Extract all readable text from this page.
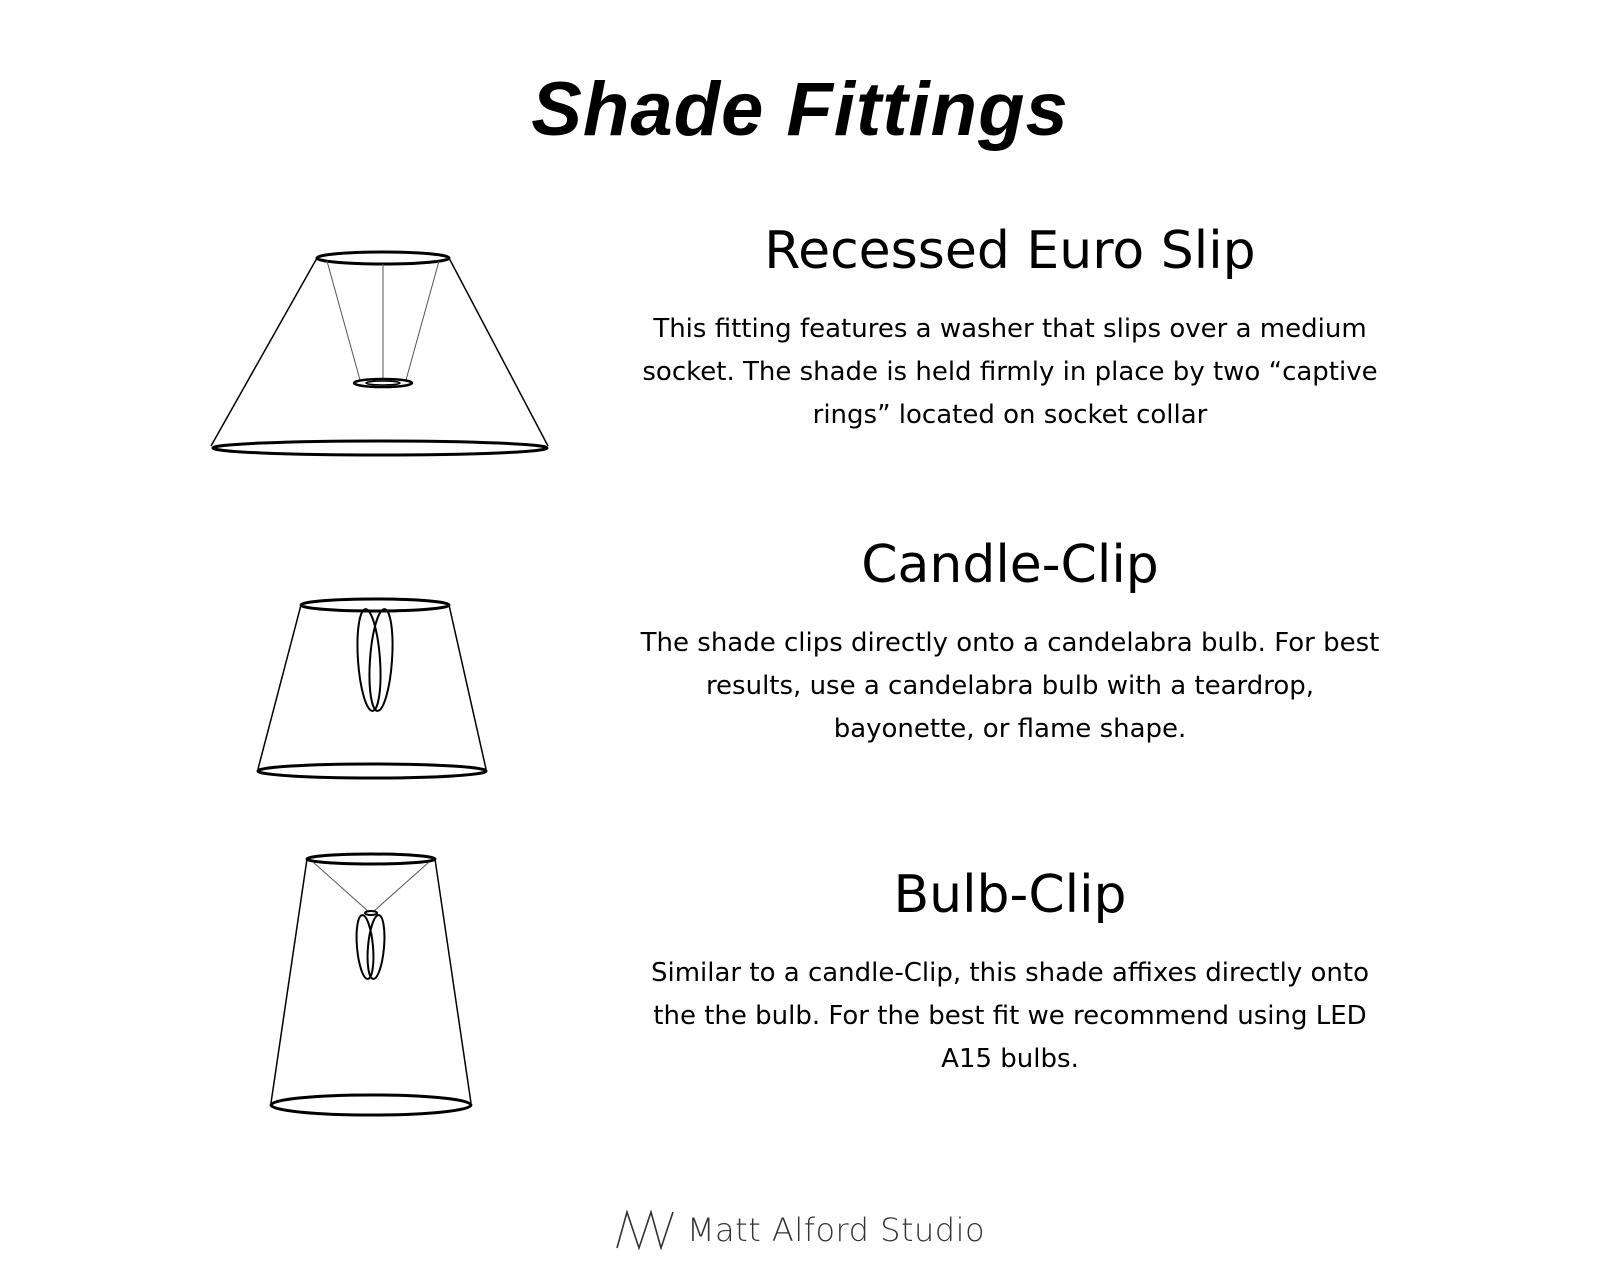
Shade Fittings
Recessed Euro Slip

This fitting features a washer that slips over a medium socket. The shade is held firmly in place by two “captive rings” located on socket collar

Candle-Clip

The shade clips directly onto a candelabra bulb. For best results, use a candelabra bulb with a teardrop, bayonette, or flame shape.

Bulb-Clip

Similar to a candle-Clip, this shade affixes directly onto the the bulb. For the best fit we recommend using LED A15 bulbs.

Matt Alford Studio
